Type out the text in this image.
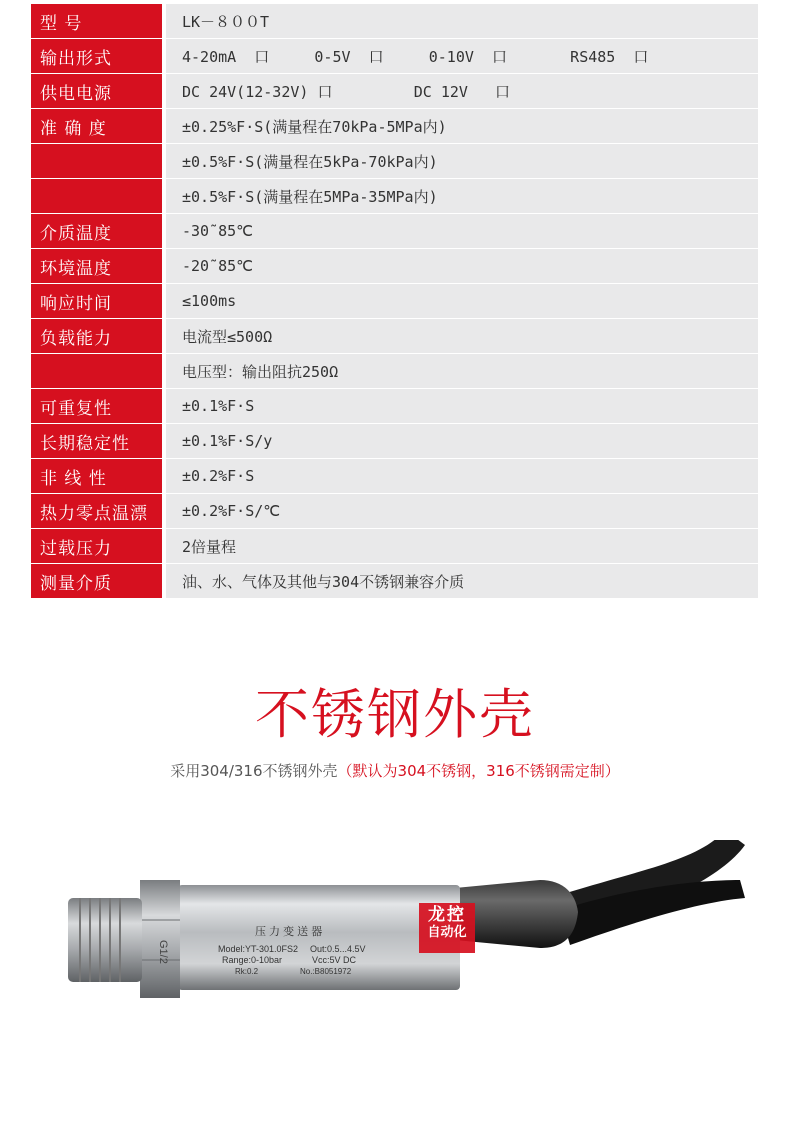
型 号	LK－８００T
输出形式	4-20mA  口     0-5V  口     0-10V  口       RS485  口
供电电源	DC 24V(12-32V) 口         DC 12V   口
准 确 度	±0.25%F·S(满量程在70kPa-5MPa内)
±0.5%F·S(满量程在5kPa-70kPa内)
±0.5%F·S(满量程在5MPa-35MPa内)
介质温度	-30˜85℃
环境温度	-20˜85℃
响应时间	≤100ms
负载能力	电流型≤500Ω
电压型：输出阻抗250Ω
可重复性	±0.1%F·S
长期稳定性	±0.1%F·S/y
非 线 性	±0.2%F·S
热力零点温漂	±0.2%F·S/℃
过载压力	2倍量程
测量介质	油、水、气体及其他与304不锈钢兼容介质
不锈钢外壳
采用304/316不锈钢外壳（默认为304不锈钢，316不锈钢需定制）
G1/2
压 力 变 送 器
Model:YT-301.0FS2 Out:0.5...4.5V
Range:0-10bar	Vcc:5V DC
Rk:0.2	No.:B8051972
龙控
自动化
